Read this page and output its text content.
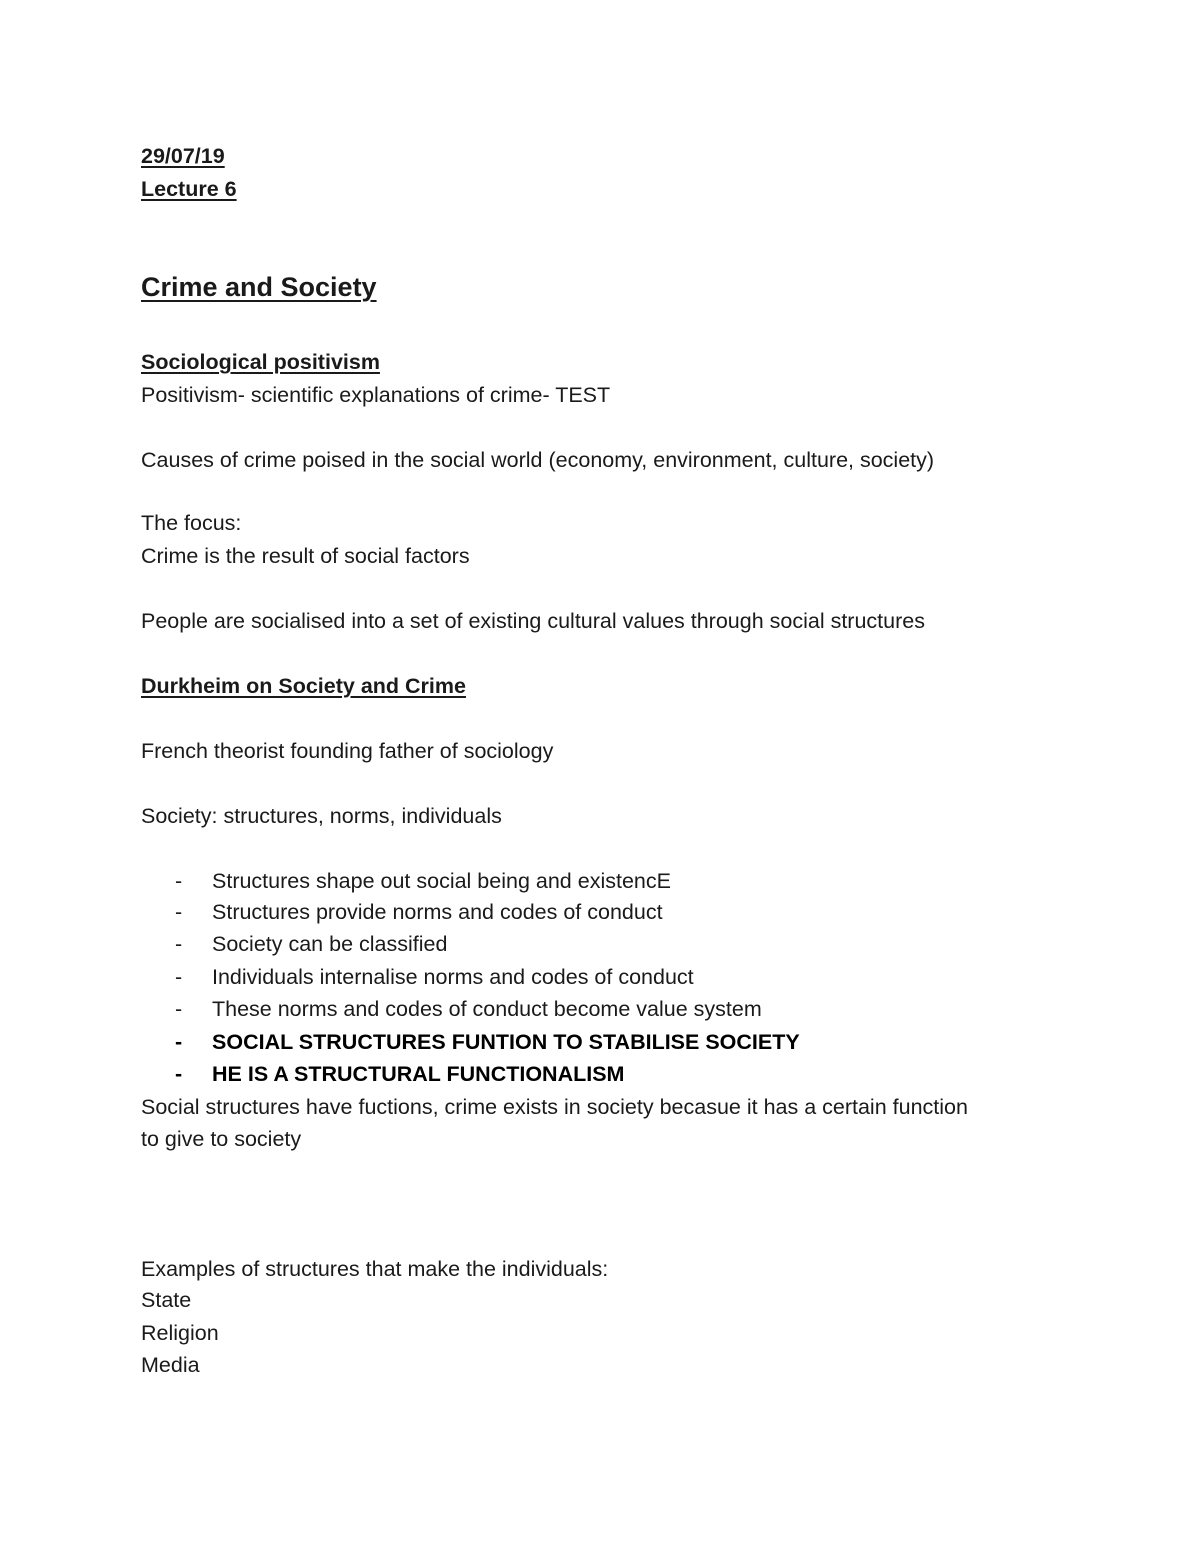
29/07/19
Lecture 6
Crime and Society
Sociological positivism
Positivism- scientific explanations of crime- TEST
Causes of crime poised in the social world (economy, environment, culture, society)
The focus:
Crime is the result of social factors
People are socialised into a set of existing cultural values through social structures
Durkheim on Society and Crime
French theorist founding father of sociology
Society: structures, norms, individuals
- Structures shape out social being and existencE
- Structures provide norms and codes of conduct
- Society can be classified
- Individuals internalise norms and codes of conduct
- These norms and codes of conduct become value system
- SOCIAL STRUCTURES FUNTION TO STABILISE SOCIETY
- HE IS A STRUCTURAL FUNCTIONALISM
Social structures have fuctions, crime exists in society becasue it has a certain function
to give to society
Examples of structures that make the individuals:
State
Religion
Media
